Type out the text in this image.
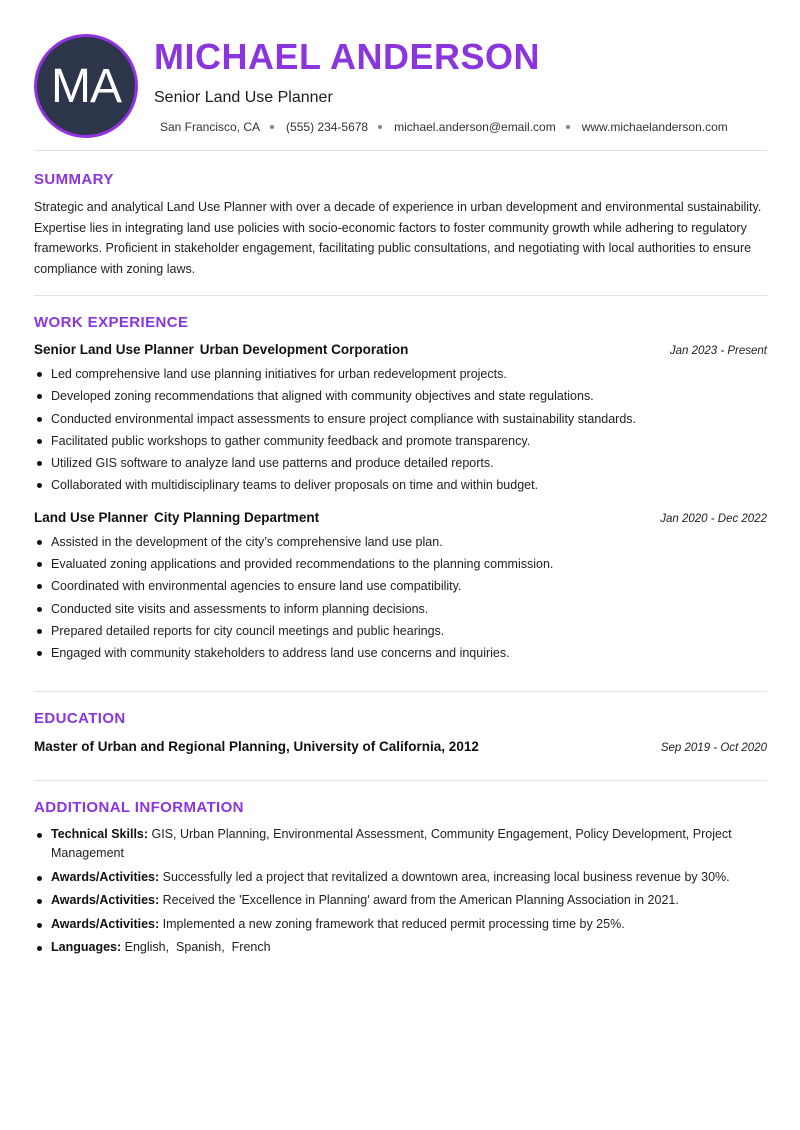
MA
MICHAEL ANDERSON
Senior Land Use Planner
San Francisco, CA (555) 234-5678 michael.anderson@email.com www.michaelanderson.com
SUMMARY

Strategic and analytical Land Use Planner with over a decade of experience in urban development and environmental sustainability. Expertise lies in integrating land use policies with socio-economic factors to foster community growth while adhering to regulatory frameworks. Proficient in stakeholder engagement, facilitating public consultations, and negotiating with local authorities to ensure compliance with zoning laws.

WORK EXPERIENCE
Senior Land Use Planner Urban Development Corporation	Jan 2023 - Present
Led comprehensive land use planning initiatives for urban redevelopment projects.
Developed zoning recommendations that aligned with community objectives and state regulations.
Conducted environmental impact assessments to ensure project compliance with sustainability standards.
Facilitated public workshops to gather community feedback and promote transparency.
Utilized GIS software to analyze land use patterns and produce detailed reports.
Collaborated with multidisciplinary teams to deliver proposals on time and within budget.
Land Use Planner City Planning Department	Jan 2020 - Dec 2022
Assisted in the development of the city’s comprehensive land use plan.
Evaluated zoning applications and provided recommendations to the planning commission.
Coordinated with environmental agencies to ensure land use compatibility.
Conducted site visits and assessments to inform planning decisions.
Prepared detailed reports for city council meetings and public hearings.
Engaged with community stakeholders to address land use concerns and inquiries.
EDUCATION
Master of Urban and Regional Planning, University of California, 2012	Sep 2019 - Oct 2020
ADDITIONAL INFORMATION
Technical Skills: GIS, Urban Planning, Environmental Assessment, Community Engagement, Policy Development, Project Management
Awards/Activities: Successfully led a project that revitalized a downtown area, increasing local business revenue by 30%.
Awards/Activities: Received the 'Excellence in Planning' award from the American Planning Association in 2021.
Awards/Activities: Implemented a new zoning framework that reduced permit processing time by 25%.
Languages: English,  Spanish,  French
